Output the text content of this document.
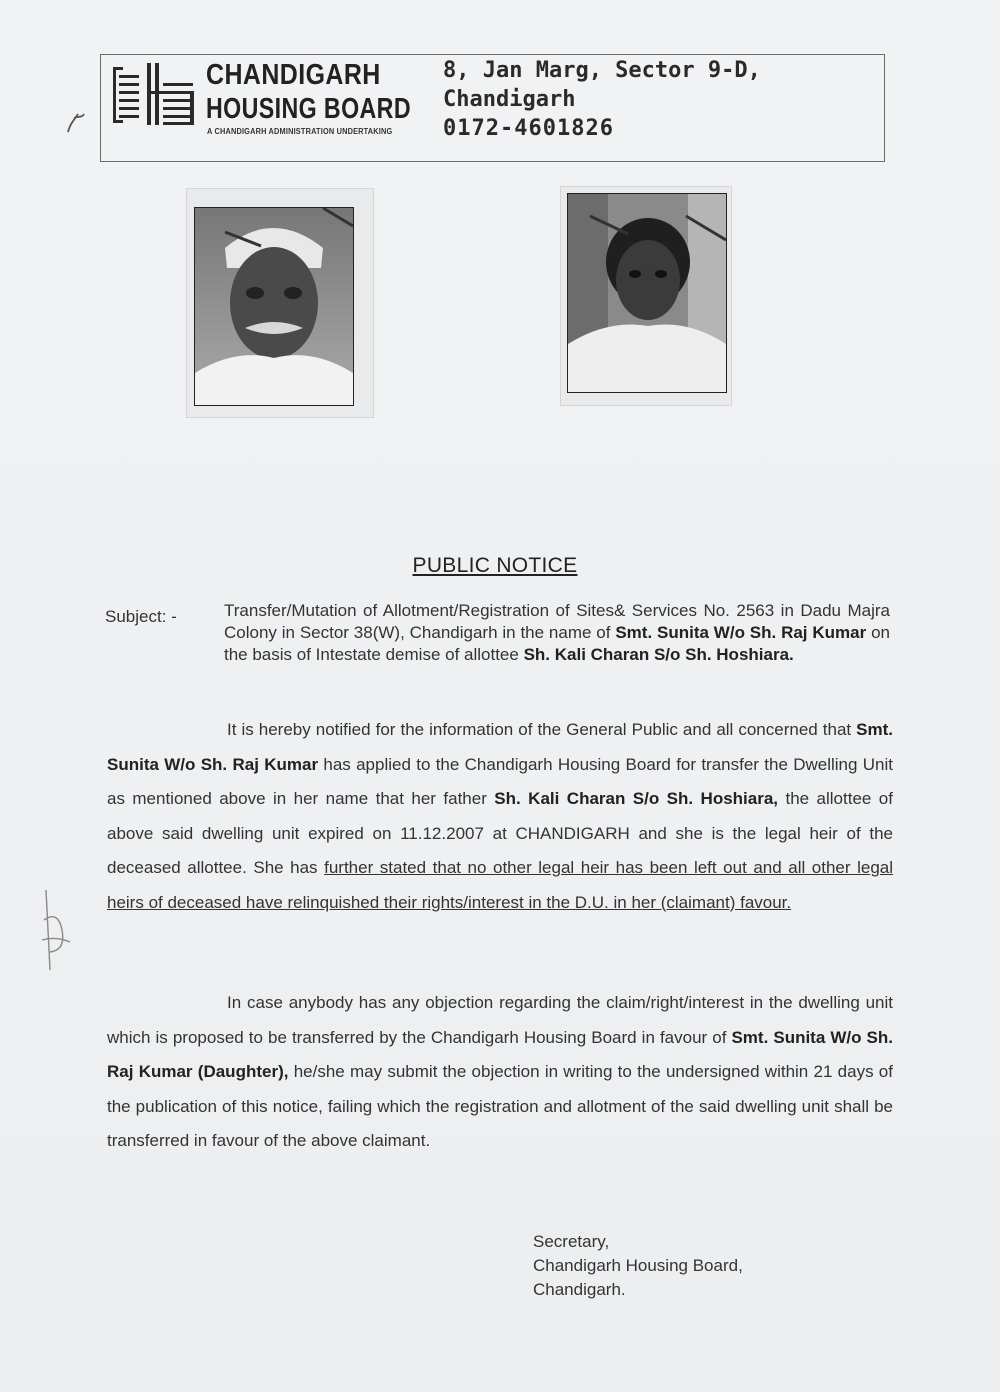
CHANDIGARH
HOUSING BOARD
A CHANDIGARH ADMINISTRATION UNDERTAKING
8, Jan Marg, Sector 9-D,
Chandigarh
0172-4601826
PUBLIC NOTICE
Subject: -	Transfer/Mutation of Allotment/Registration of Sites& Services No. 2563 in Dadu Majra Colony in Sector 38(W), Chandigarh in the name of Smt. Sunita W/o Sh. Raj Kumar on the basis of Intestate demise of allottee Sh. Kali Charan S/o Sh. Hoshiara.
It is hereby notified for the information of the General Public and all concerned that Smt. Sunita W/o Sh. Raj Kumar has applied to the Chandigarh Housing Board for transfer the Dwelling Unit as mentioned above in her name that her father Sh. Kali Charan S/o Sh. Hoshiara, the allottee of above said dwelling unit expired on 11.12.2007 at CHANDIGARH and she is the legal heir of the deceased allottee. She has further stated that no other legal heir has been left out and all other legal heirs of deceased have relinquished their rights/interest in the D.U. in her (claimant) favour.
In case anybody has any objection regarding the claim/right/interest in the dwelling unit which is proposed to be transferred by the Chandigarh Housing Board in favour of Smt. Sunita W/o Sh. Raj Kumar (Daughter), he/she may submit the objection in writing to the undersigned within 21 days of the publication of this notice, failing which the registration and allotment of the said dwelling unit shall be transferred in favour of the above claimant.
Secretary,
Chandigarh Housing Board,
Chandigarh.
